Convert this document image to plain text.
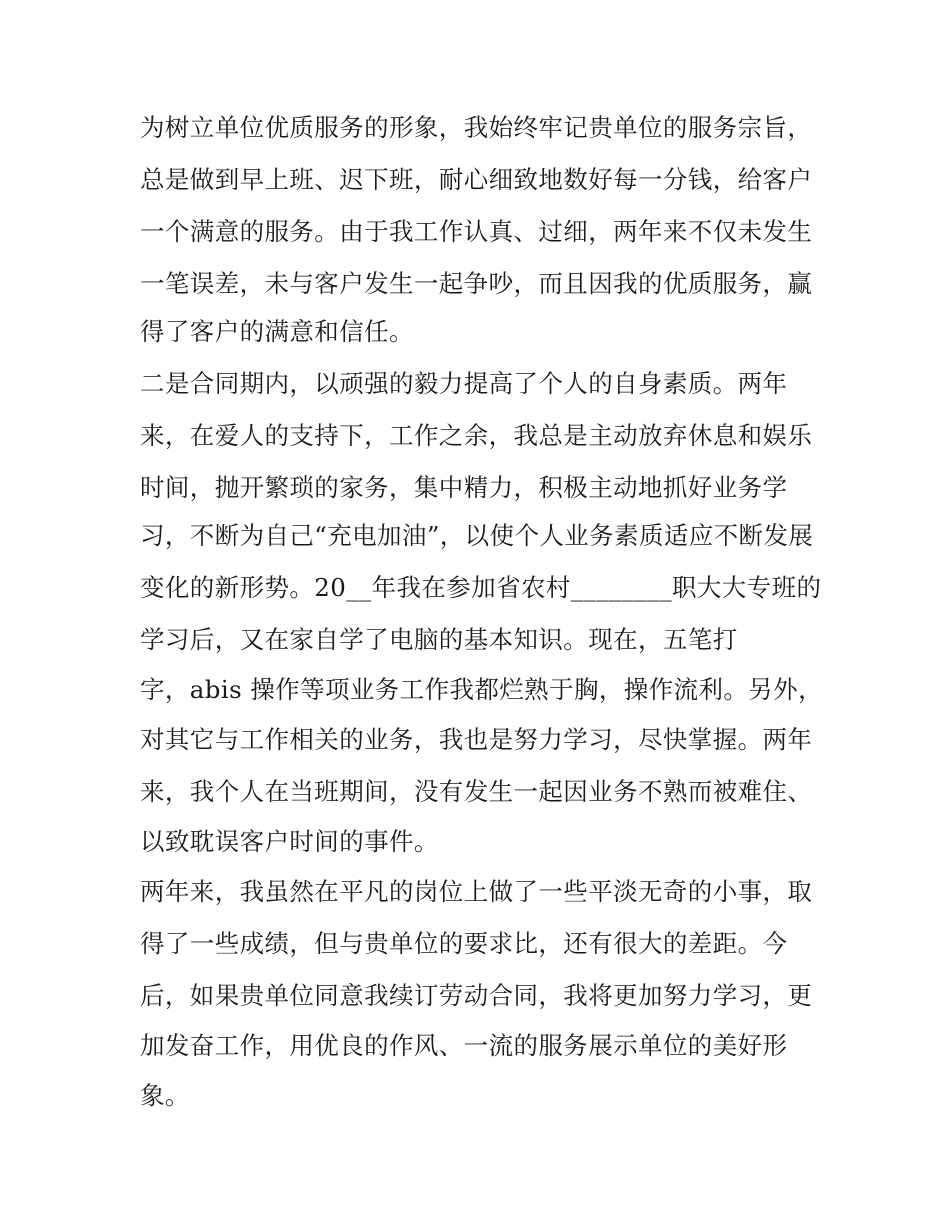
为树立单位优质服务的形象，我始终牢记贵单位的服务宗旨，
总是做到早上班、迟下班，耐心细致地数好每一分钱，给客户
一个满意的服务。由于我工作认真、过细，两年来不仅未发生
一笔误差，未与客户发生一起争吵，而且因我的优质服务，赢
得了客户的满意和信任。
二是合同期内，以顽强的毅力提高了个人的自身素质。两年
来，在爱人的支持下，工作之余，我总是主动放弃休息和娱乐
时间，抛开繁琐的家务，集中精力，积极主动地抓好业务学
习，不断为自己“充电加油”，以使个人业务素质适应不断发展
变化的新形势。20__年我在参加省农村________职大大专班的
学习后，又在家自学了电脑的基本知识。现在，五笔打
字，abis 操作等项业务工作我都烂熟于胸，操作流利。另外，
对其它与工作相关的业务，我也是努力学习，尽快掌握。两年
来，我个人在当班期间，没有发生一起因业务不熟而被难住、
以致耽误客户时间的事件。
两年来，我虽然在平凡的岗位上做了一些平淡无奇的小事，取
得了一些成绩，但与贵单位的要求比，还有很大的差距。今
后，如果贵单位同意我续订劳动合同，我将更加努力学习，更
加发奋工作，用优良的作风、一流的服务展示单位的美好形
象。
